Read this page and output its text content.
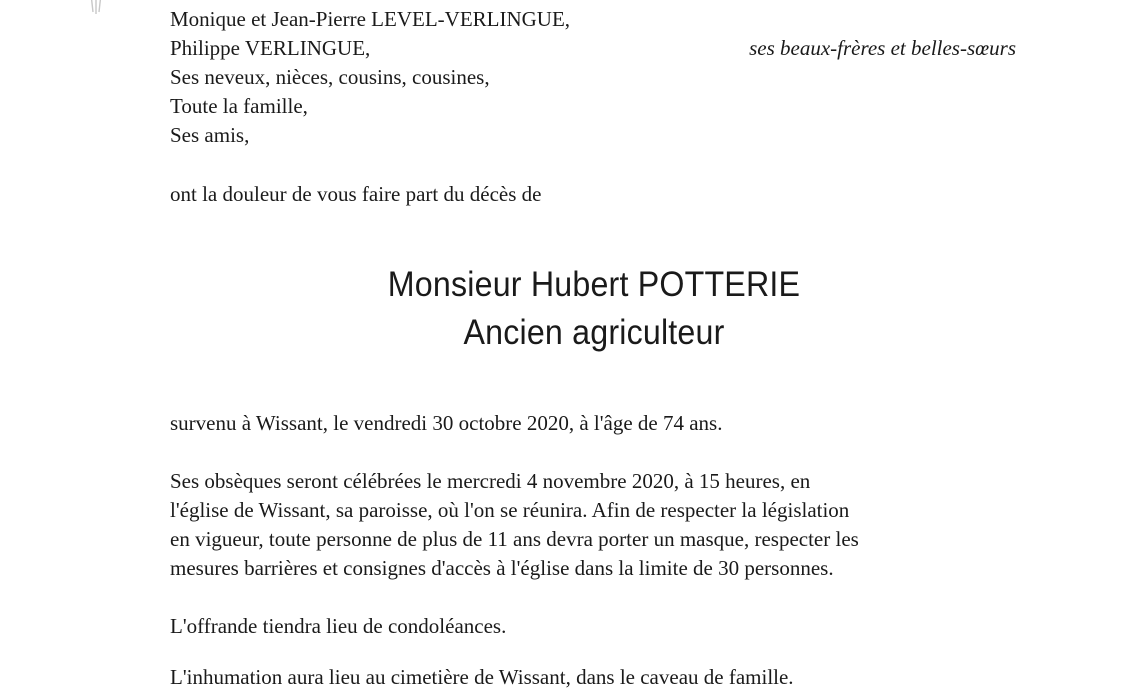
Monique et Jean-Pierre LEVEL-VERLINGUE,
Philippe VERLINGUE,	ses beaux-frères et belles-sœurs
Ses neveux, nièces, cousins, cousines,
Toute la famille,
Ses amis,
ont la douleur de vous faire part du décès de
Monsieur Hubert POTTERIE
Ancien agriculteur
survenu à Wissant, le vendredi 30 octobre 2020, à l'âge de 74 ans.
Ses obsèques seront célébrées le mercredi 4 novembre 2020, à 15 heures, en
l'église de Wissant, sa paroisse, où l'on se réunira. Afin de respecter la législation
en vigueur, toute personne de plus de 11 ans devra porter un masque, respecter les
mesures barrières et consignes d'accès à l'église dans la limite de 30 personnes.
L'offrande tiendra lieu de condoléances.
L'inhumation aura lieu au cimetière de Wissant, dans le caveau de famille.
